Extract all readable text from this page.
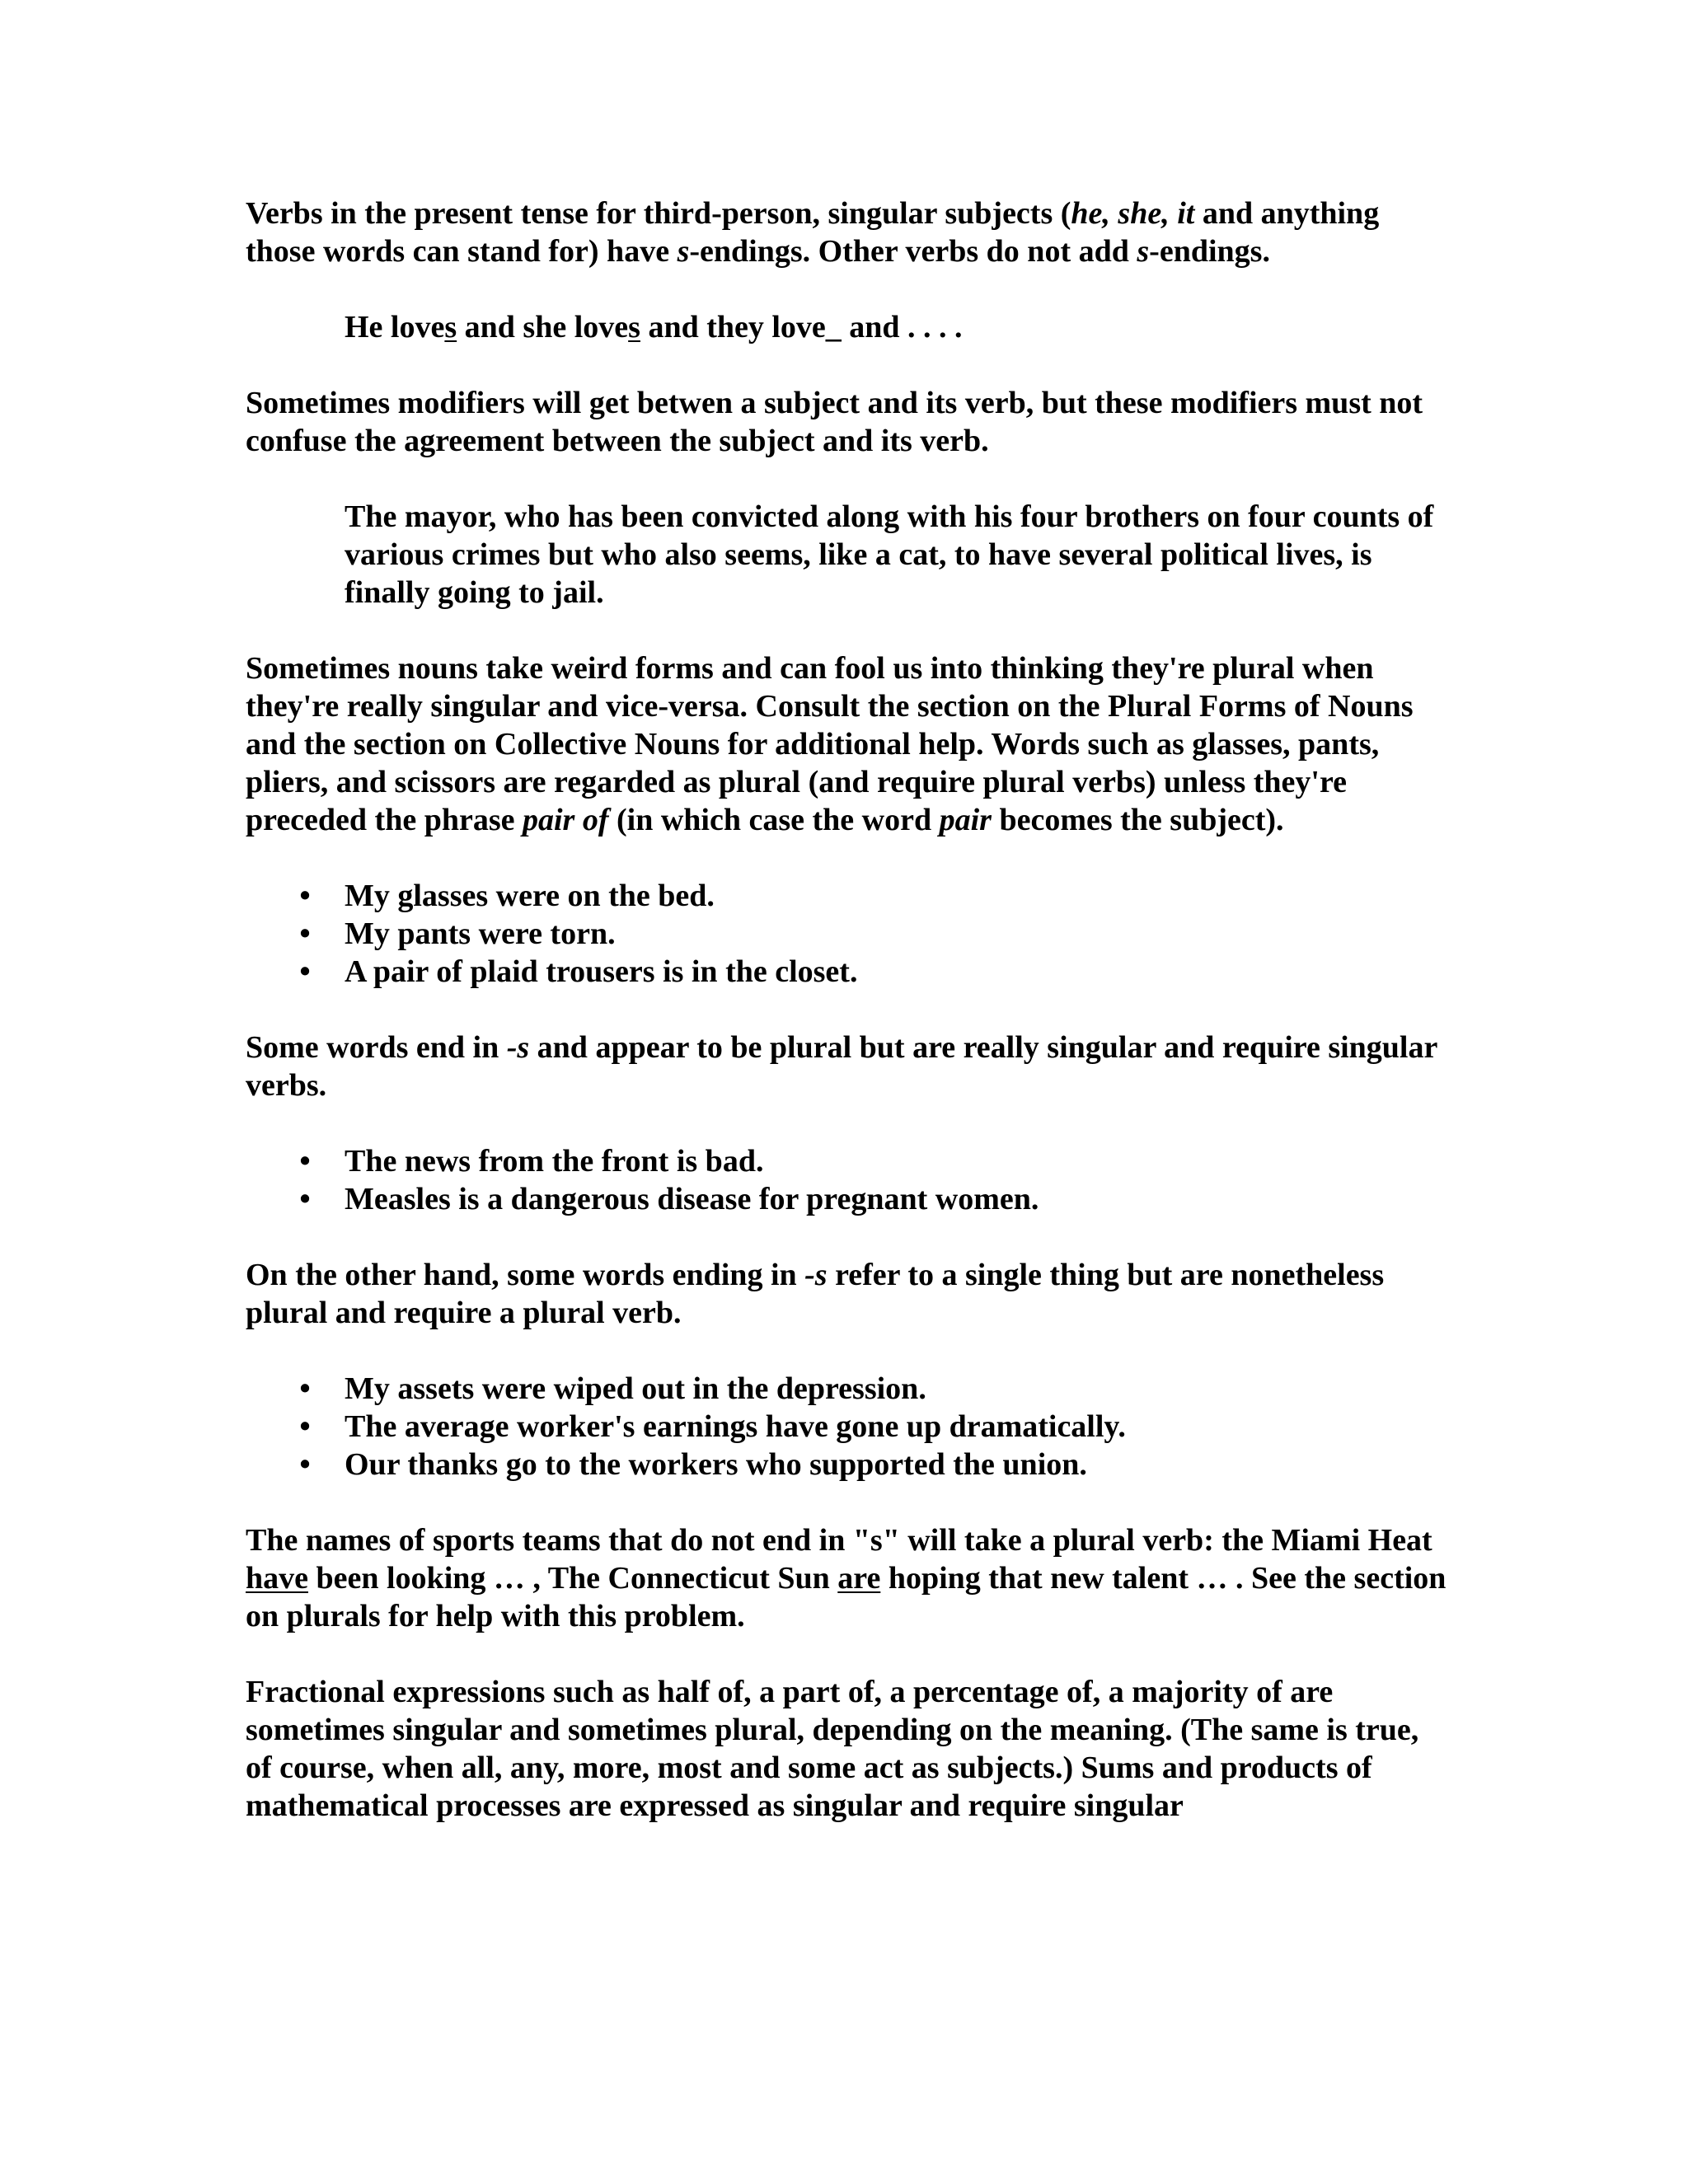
Verbs in the present tense for third-person, singular subjects (he, she, it and anything those words can stand for) have s-endings. Other verbs do not add s-endings.

He loves and she loves and they love_ and . . . .

Sometimes modifiers will get betwen a subject and its verb, but these modifiers must not confuse the agreement between the subject and its verb.

The mayor, who has been convicted along with his four brothers on four counts of various crimes but who also seems, like a cat, to have several political lives, is finally going to jail.

Sometimes nouns take weird forms and can fool us into thinking they're plural when they're really singular and vice-versa. Consult the section on the Plural Forms of Nouns and the section on Collective Nouns for additional help. Words such as glasses, pants, pliers, and scissors are regarded as plural (and require plural verbs) unless they're preceded the phrase pair of (in which case the word pair becomes the subject).

• My glasses were on the bed.
• My pants were torn.
• A pair of plaid trousers is in the closet.

Some words end in -s and appear to be plural but are really singular and require singular verbs.

• The news from the front is bad.
• Measles is a dangerous disease for pregnant women.

On the other hand, some words ending in -s refer to a single thing but are nonetheless plural and require a plural verb.

• My assets were wiped out in the depression.
• The average worker's earnings have gone up dramatically.
• Our thanks go to the workers who supported the union.

The names of sports teams that do not end in "s" will take a plural verb: the Miami Heat have been looking … , The Connecticut Sun are hoping that new talent … . See the section on plurals for help with this problem.

Fractional expressions such as half of, a part of, a percentage of, a majority of are sometimes singular and sometimes plural, depending on the meaning. (The same is true, of course, when all, any, more, most and some act as subjects.) Sums and products of mathematical processes are expressed as singular and require singular
